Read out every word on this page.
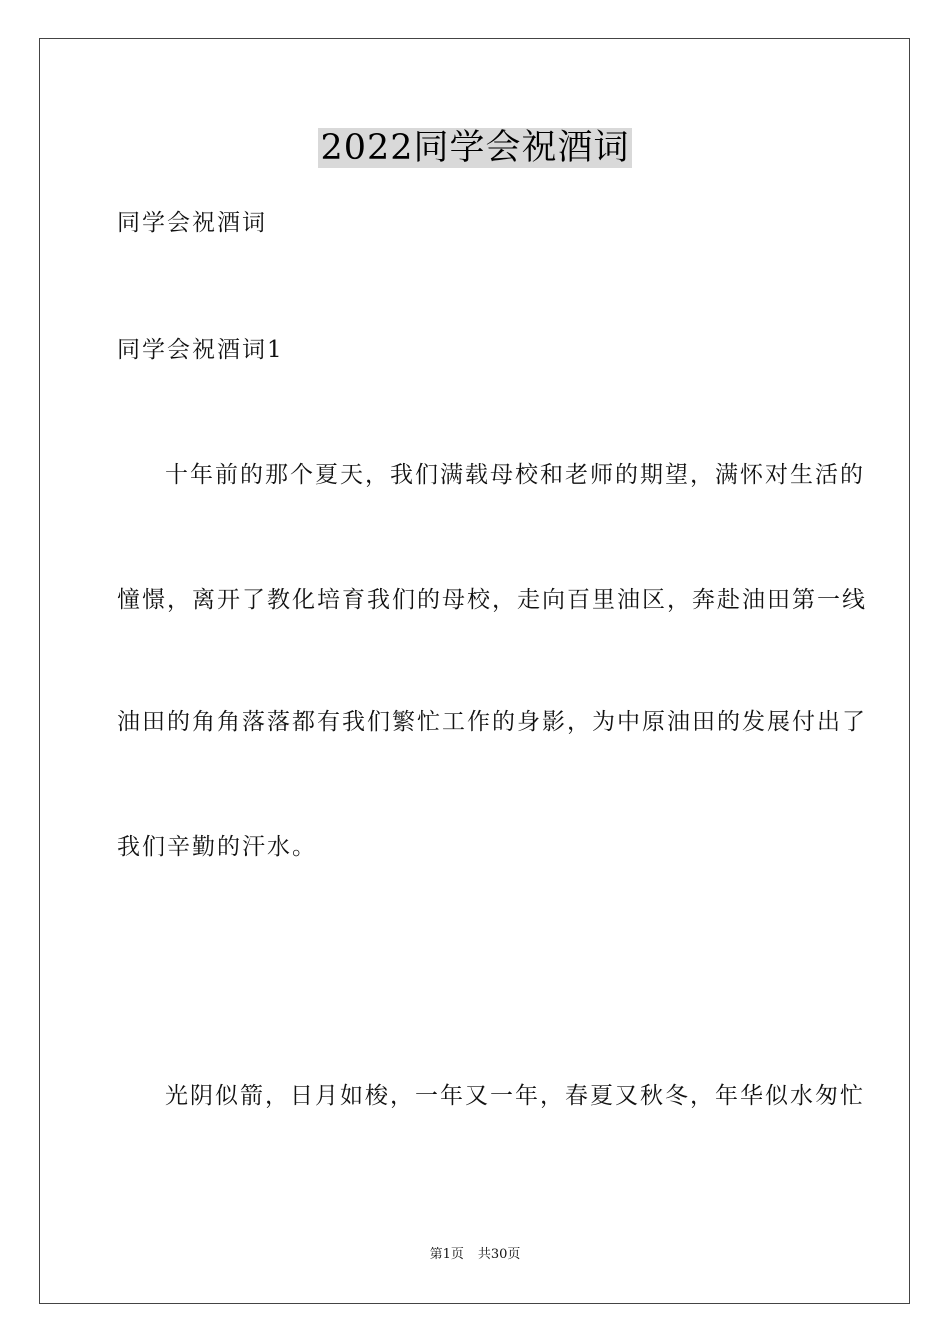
2022同学会祝酒词
同学会祝酒词
同学会祝酒词1
十年前的那个夏天，我们满载母校和老师的期望，满怀对生活的
憧憬，离开了教化培育我们的母校，走向百里油区，奔赴油田第一线
油田的角角落落都有我们繁忙工作的身影，为中原油田的发展付出了
我们辛勤的汗水。
光阴似箭，日月如梭，一年又一年，春夏又秋冬，年华似水匆忙
第1页 共30页
